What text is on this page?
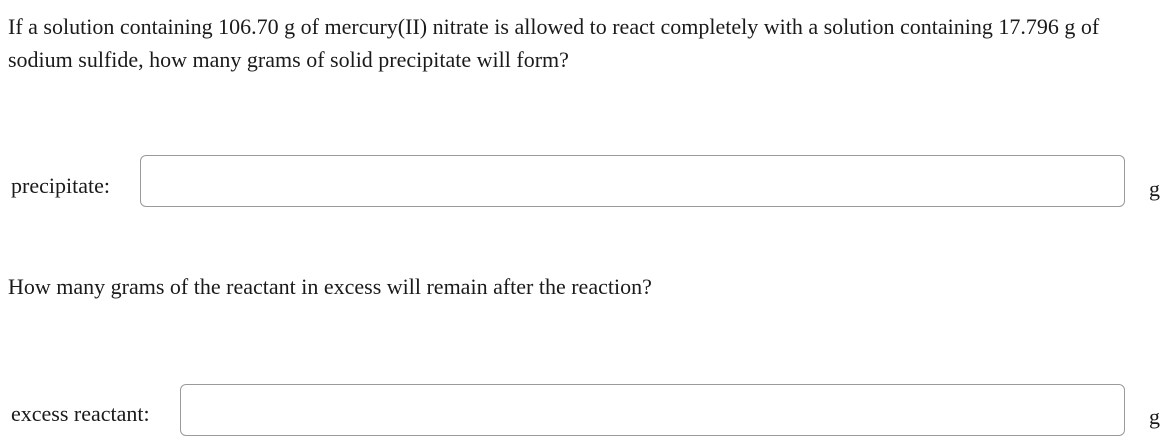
If a solution containing 106.70 g of mercury(II) nitrate is allowed to react completely with a solution containing 17.796 g of sodium sulfide, how many grams of solid precipitate will form?

precipitate:	g

How many grams of the reactant in excess will remain after the reaction?

excess reactant:	g
